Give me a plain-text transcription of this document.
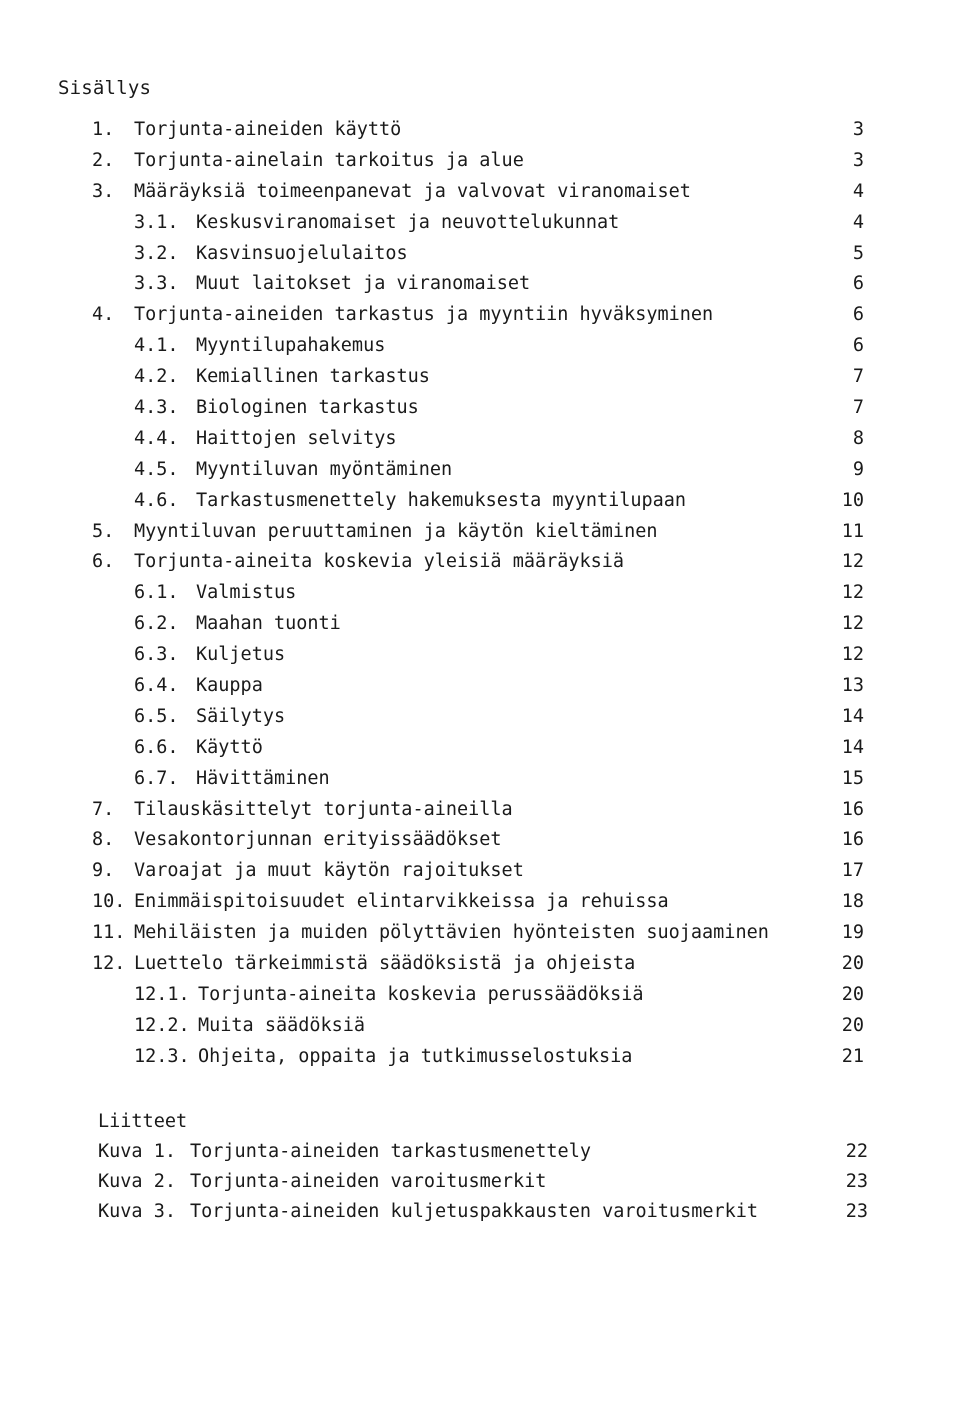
Sisällys
1. Torjunta-aineiden käyttö	3
2. Torjunta-ainelain tarkoitus ja alue	3
3. Määräyksiä toimeenpanevat ja valvovat viranomaiset	4
3.1. Keskusviranomaiset ja neuvottelukunnat	4
3.2. Kasvinsuojelulaitos	5
3.3. Muut laitokset ja viranomaiset	6
4. Torjunta-aineiden tarkastus ja myyntiin hyväksyminen	6
4.1. Myyntilupahakemus	6
4.2. Kemiallinen tarkastus	7
4.3. Biologinen tarkastus	7
4.4. Haittojen selvitys	8
4.5. Myyntiluvan myöntäminen	9
4.6. Tarkastusmenettely hakemuksesta myyntilupaan	10
5. Myyntiluvan peruuttaminen ja käytön kieltäminen	11
6. Torjunta-aineita koskevia yleisiä määräyksiä	12
6.1. Valmistus	12
6.2. Maahan tuonti	12
6.3. Kuljetus	12
6.4. Kauppa	13
6.5. Säilytys	14
6.6. Käyttö	14
6.7. Hävittäminen	15
7. Tilauskäsittelyt torjunta-aineilla	16
8. Vesakontorjunnan erityissäädökset	16
9. Varoajat ja muut käytön rajoitukset	17
10. Enimmäispitoisuudet elintarvikkeissa ja rehuissa	18
11. Mehiläisten ja muiden pölyttävien hyönteisten suojaaminen	19
12. Luettelo tärkeimmistä säädöksistä ja ohjeista	20
12.1. Torjunta-aineita koskevia perussäädöksiä	20
12.2. Muita säädöksiä	20
12.3. Ohjeita, oppaita ja tutkimusselostuksia	21
Liitteet
Kuva 1. Torjunta-aineiden tarkastusmenettely	22
Kuva 2. Torjunta-aineiden varoitusmerkit	23
Kuva 3. Torjunta-aineiden kuljetuspakkausten varoitusmerkit	23
